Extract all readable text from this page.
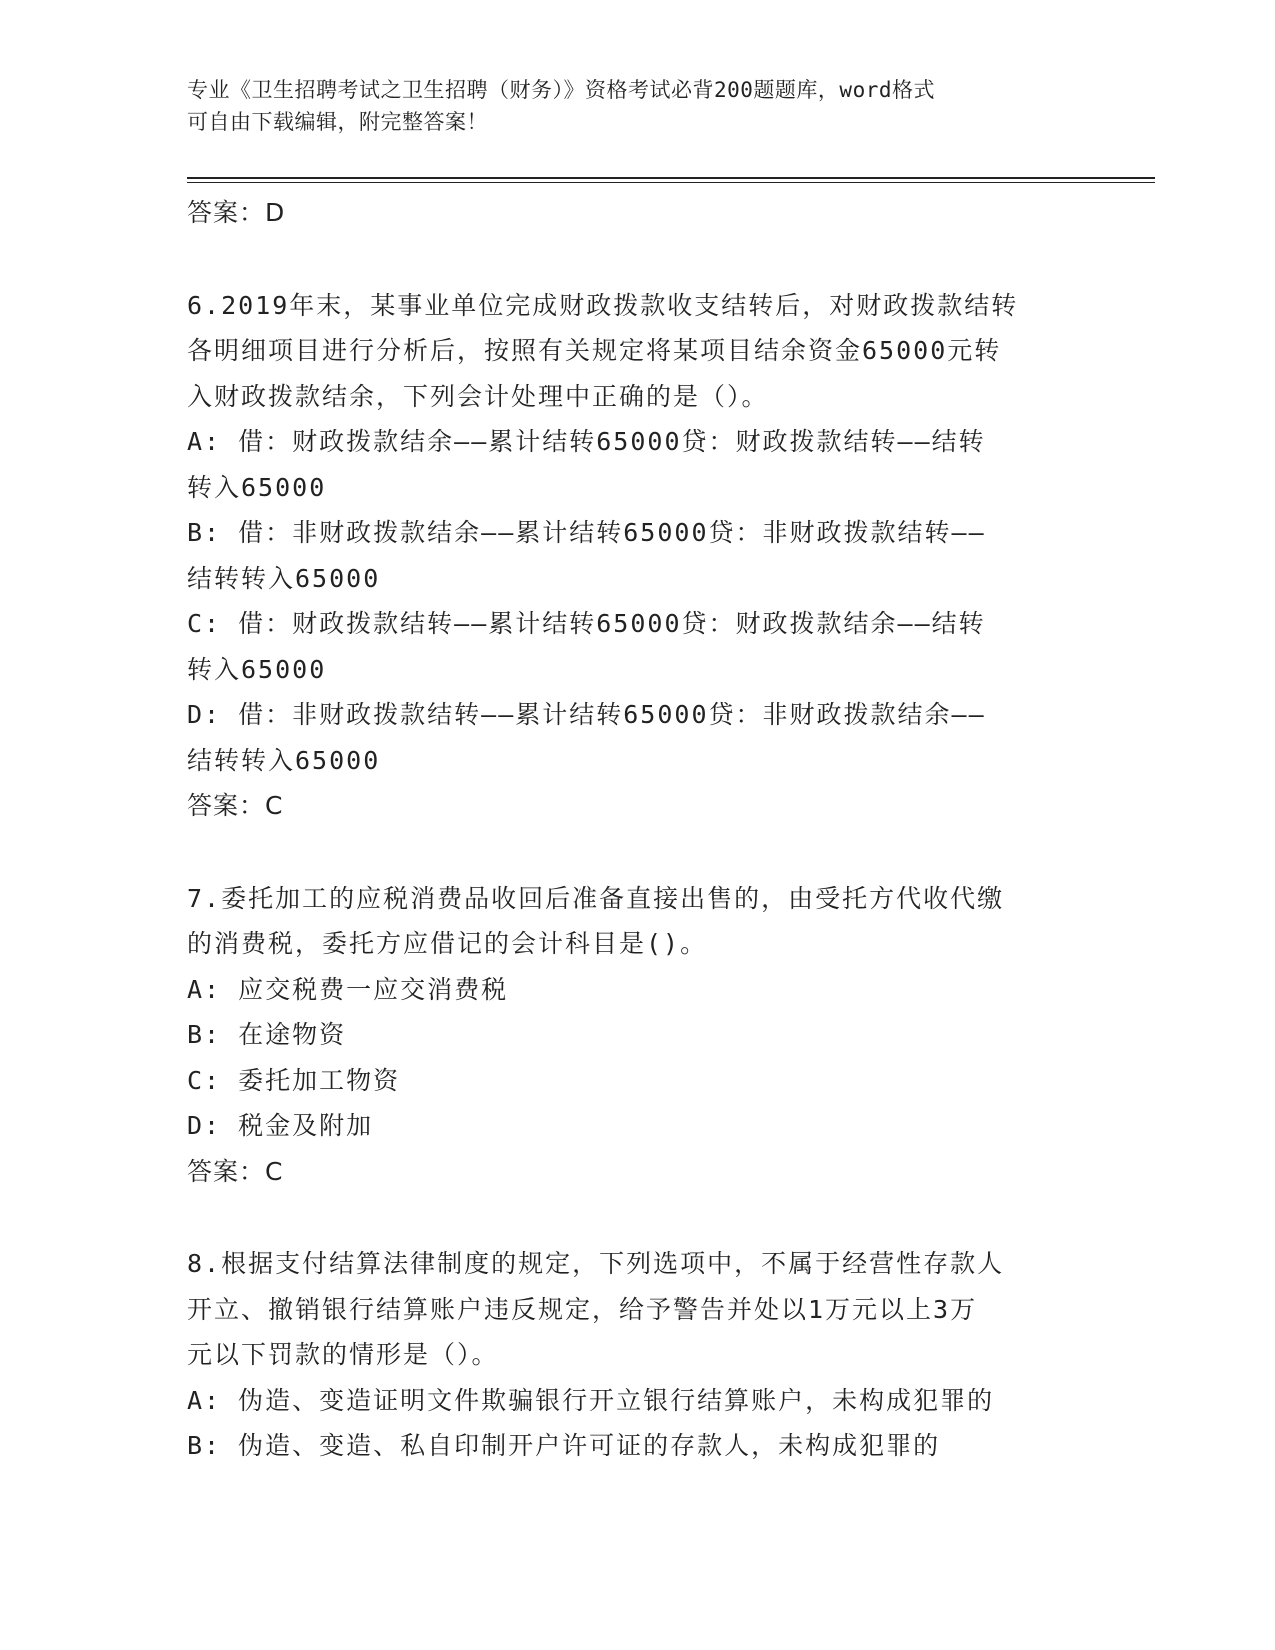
专业《卫生招聘考试之卫生招聘（财务）》资格考试必背200题题库，word格式
可自由下载编辑，附完整答案！
答案：D
6.2019年末，某事业单位完成财政拨款收支结转后，对财政拨款结转
各明细项目进行分析后，按照有关规定将某项目结余资金65000元转
入财政拨款结余，下列会计处理中正确的是（）。
A: 借：财政拨款结余——累计结转65000贷：财政拨款结转——结转
转入65000
B: 借：非财政拨款结余——累计结转65000贷：非财政拨款结转——
结转转入65000
C: 借：财政拨款结转——累计结转65000贷：财政拨款结余——结转
转入65000
D: 借：非财政拨款结转——累计结转65000贷：非财政拨款结余——
结转转入65000
答案：C
7.委托加工的应税消费品收回后准备直接出售的，由受托方代收代缴
的消费税，委托方应借记的会计科目是()。
A: 应交税费一应交消费税
B: 在途物资
C: 委托加工物资
D: 税金及附加
答案：C
8.根据支付结算法律制度的规定，下列选项中，不属于经营性存款人
开立、撤销银行结算账户违反规定，给予警告并处以1万元以上3万
元以下罚款的情形是（）。
A: 伪造、变造证明文件欺骗银行开立银行结算账户，未构成犯罪的
B: 伪造、变造、私自印制开户许可证的存款人，未构成犯罪的
